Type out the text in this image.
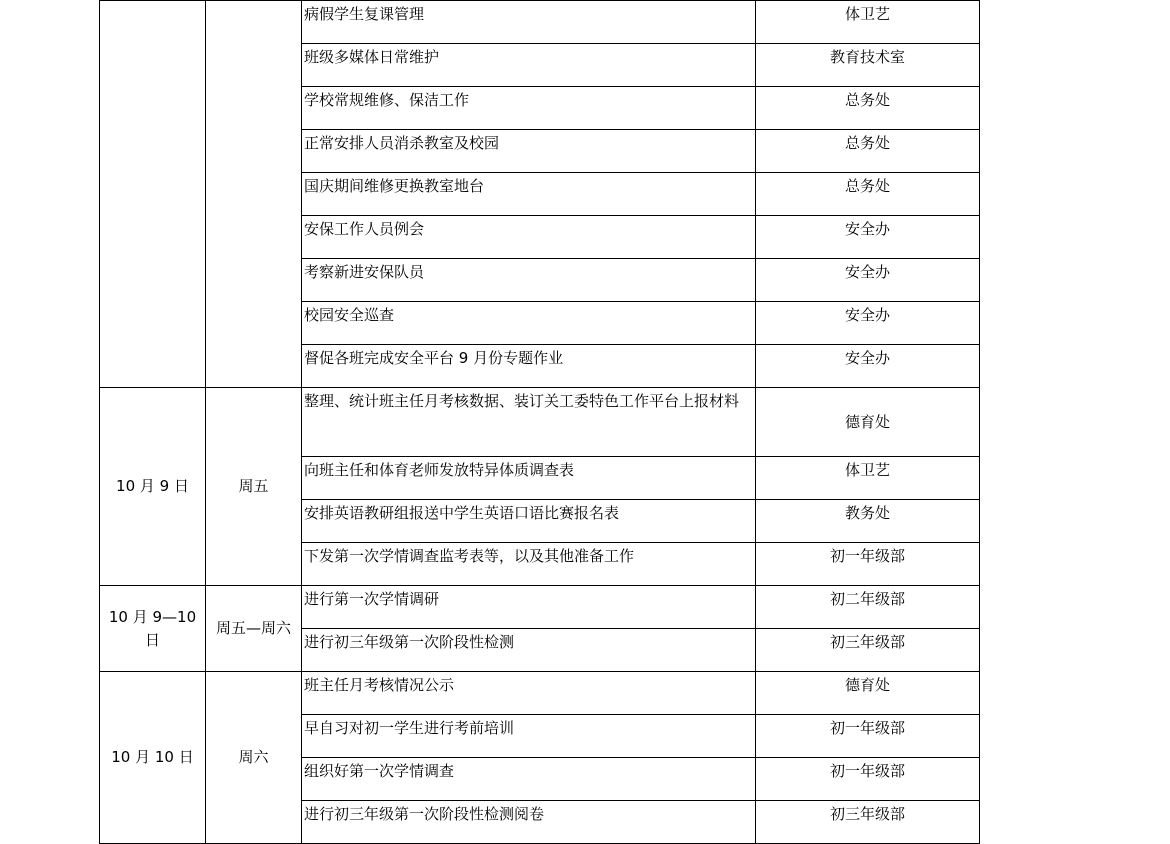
		病假学生复课管理	体卫艺
		班级多媒体日常维护	教育技术室
		学校常规维修、保洁工作	总务处
		正常安排人员消杀教室及校园	总务处
		国庆期间维修更换教室地台	总务处
		安保工作人员例会	安全办
		考察新进安保队员	安全办
		校园安全巡查	安全办
		督促各班完成安全平台 9 月份专题作业	安全办
10 月 9 日	周五	整理、统计班主任月考核数据、装订关工委特色工作平台上报材料	德育处
		向班主任和体育老师发放特异体质调查表	体卫艺
		安排英语教研组报送中学生英语口语比赛报名表	教务处
		下发第一次学情调查监考表等，以及其他准备工作	初一年级部
10 月 9—10 日	周五—周六	进行第一次学情调研	初二年级部
		进行初三年级第一次阶段性检测	初三年级部
10 月 10 日	周六	班主任月考核情况公示	德育处
		早自习对初一学生进行考前培训	初一年级部
		组织好第一次学情调查	初一年级部
		进行初三年级第一次阶段性检测阅卷	初三年级部
